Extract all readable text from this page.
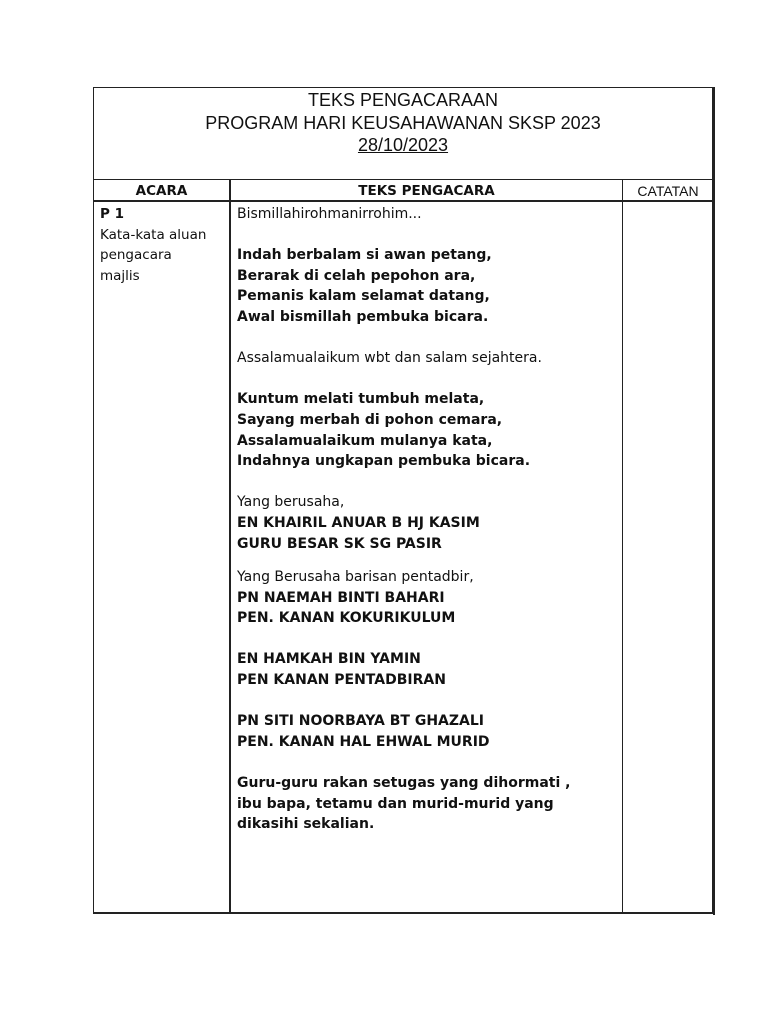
TEKS PENGACARAAN
PROGRAM HARI KEUSAHAWANAN SKSP 2023
28/10/2023
ACARA	TEKS PENGACARA	CATATAN
P 1
Kata-kata aluan
pengacara
majlis
Bismillahirohmanirrohim...
Indah berbalam si awan petang,
Berarak di celah pepohon ara,
Pemanis kalam selamat datang,
Awal bismillah pembuka bicara.
Assalamualaikum wbt dan salam sejahtera.
Kuntum melati tumbuh melata,
Sayang merbah di pohon cemara,
Assalamualaikum mulanya kata,
Indahnya ungkapan pembuka bicara.
Yang berusaha,
EN KHAIRIL ANUAR B HJ KASIM
GURU BESAR SK SG PASIR
Yang Berusaha barisan pentadbir,
PN NAEMAH BINTI BAHARI
PEN. KANAN KOKURIKULUM
EN HAMKAH BIN YAMIN
PEN KANAN PENTADBIRAN
PN SITI NOORBAYA BT GHAZALI
PEN. KANAN HAL EHWAL MURID
Guru-guru rakan setugas yang dihormati ,
ibu bapa, tetamu dan murid-murid yang
dikasihi sekalian.
